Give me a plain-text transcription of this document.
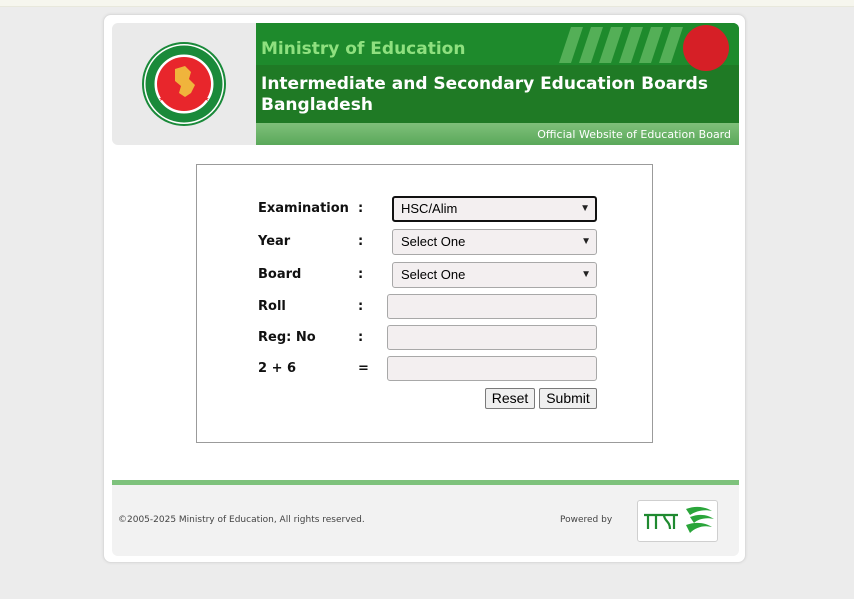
Ministry of Education
Intermediate and Secondary Education Boards
Bangladesh
Official Website of Education Board
Examination :	HSC/Alim	▼
Year	:	Select One	▼
Board	:	Select One	▼
Roll	:
Reg: No	:
2 + 6	=
Reset	Submit
©2005-2025 Ministry of Education, All rights reserved.	Powered by
